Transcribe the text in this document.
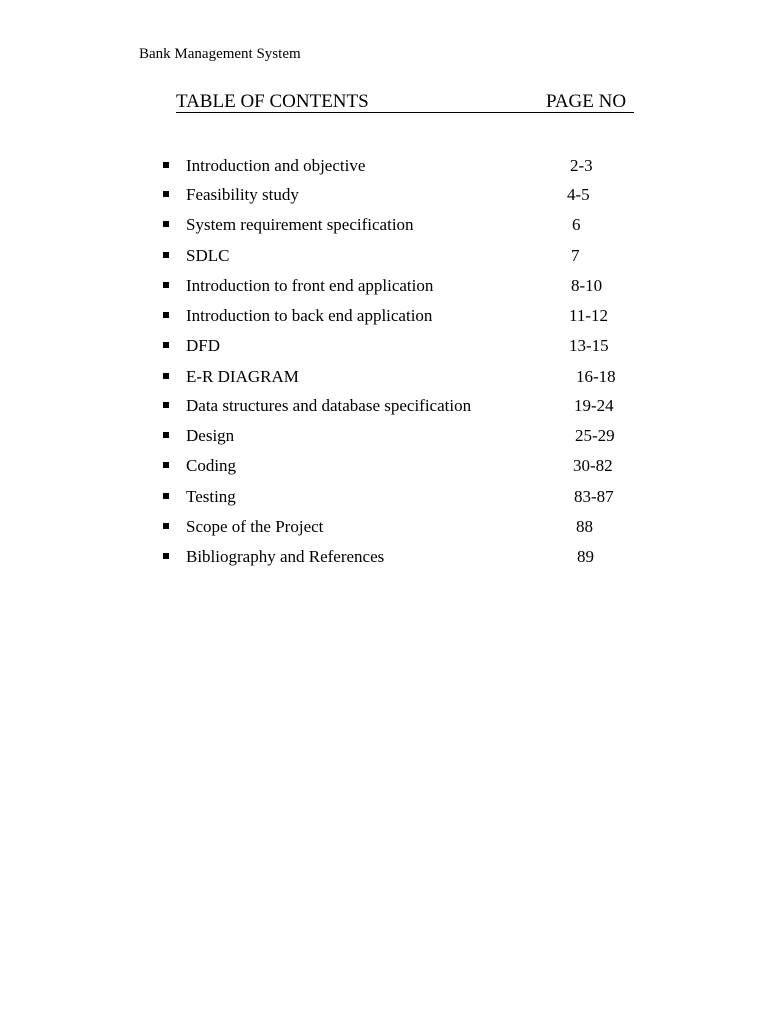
Bank Management System
TABLE OF CONTENTS	PAGE NO
Introduction and objective	2-3
Feasibility study	4-5
System requirement specification	6
SDLC	7
Introduction to front end application	8-10
Introduction to back end application	11-12
DFD	13-15
E-R DIAGRAM	16-18
Data structures and database specification	19-24
Design	25-29
Coding	30-82
Testing	83-87
Scope of the Project	88
Bibliography and References	89
